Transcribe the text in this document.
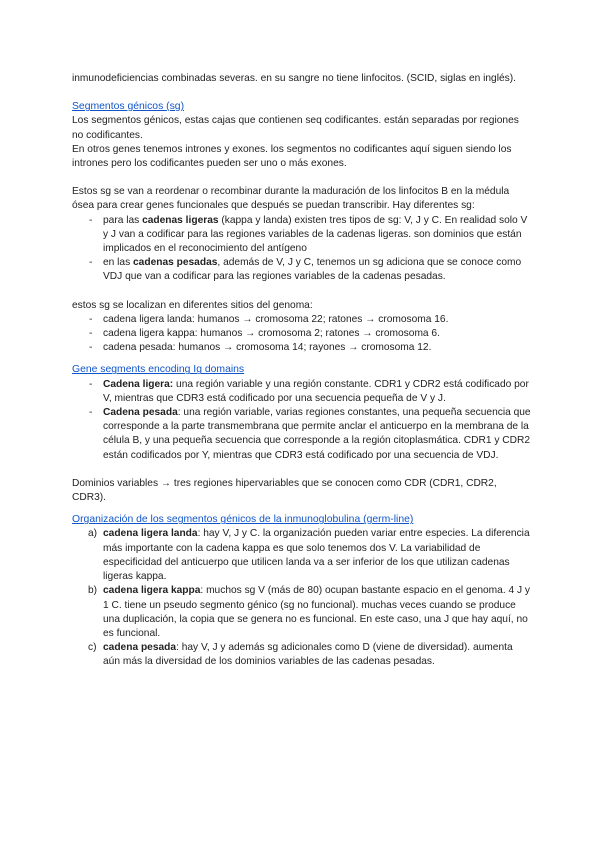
inmunodeficiencias combinadas severas. en su sangre no tiene linfocitos. (SCID, siglas en inglés).

Segmentos génicos (sg)

Los segmentos génicos, estas cajas que contienen seq codificantes. están separadas por regiones no codificantes.

En otros genes tenemos intrones y exones. los segmentos no codificantes aquí siguen siendo los intrones pero los codificantes pueden ser uno o más exones.

Estos sg se van a reordenar o recombinar durante la maduración de los linfocitos B en la médula ósea para crear genes funcionales que después se puedan transcribir. Hay diferentes sg:

- para las cadenas ligeras (kappa y landa) existen tres tipos de sg: V, J y C. En realidad solo V y J van a codificar para las regiones variables de la cadenas ligeras. son dominios que están implicados en el reconocimiento del antígeno
- en las cadenas pesadas, además de V, J y C, tenemos un sg adiciona que se conoce como VDJ que van a codificar para las regiones variables de la cadenas pesadas.

estos sg se localizan en diferentes sitios del genoma:

- cadena ligera landa: humanos → cromosoma 22; ratones → cromosoma 16.
- cadena ligera kappa: humanos → cromosoma 2; ratones → cromosoma 6.
- cadena pesada: humanos → cromosoma 14; rayones → cromosoma 12.

Gene segments encoding Ig domains

- Cadena ligera: una región variable y una región constante. CDR1 y CDR2 está codificado por V, mientras que CDR3 está codificado por una secuencia pequeña de V y J.
- Cadena pesada: una región variable, varias regiones constantes, una pequeña secuencia que corresponde a la parte transmembrana que permite anclar el anticuerpo en la membrana de la célula B, y una pequeña secuencia que corresponde a la región citoplasmática. CDR1 y CDR2 están codificados por Y, mientras que CDR3 está codificado por una secuencia de VDJ.

Dominios variables → tres regiones hipervariables que se conocen como CDR (CDR1, CDR2, CDR3).

Organización de los segmentos génicos de la inmunoglobulina (germ-line)

a) cadena ligera landa: hay V, J y C. la organización pueden variar entre especies. La diferencia más importante con la cadena kappa es que solo tenemos dos V. La variabilidad de especificidad del anticuerpo que utilicen landa va a ser inferior de los que utilizan cadenas ligeras kappa.
b) cadena ligera kappa: muchos sg V (más de 80) ocupan bastante espacio en el genoma. 4 J y 1 C. tiene un pseudo segmento génico (sg no funcional). muchas veces cuando se produce una duplicación, la copia que se genera no es funcional. En este caso, una J que hay aquí, no es funcional.
c) cadena pesada: hay V, J y además sg adicionales como D (viene de diversidad). aumenta aún más la diversidad de los dominios variables de las cadenas pesadas.
